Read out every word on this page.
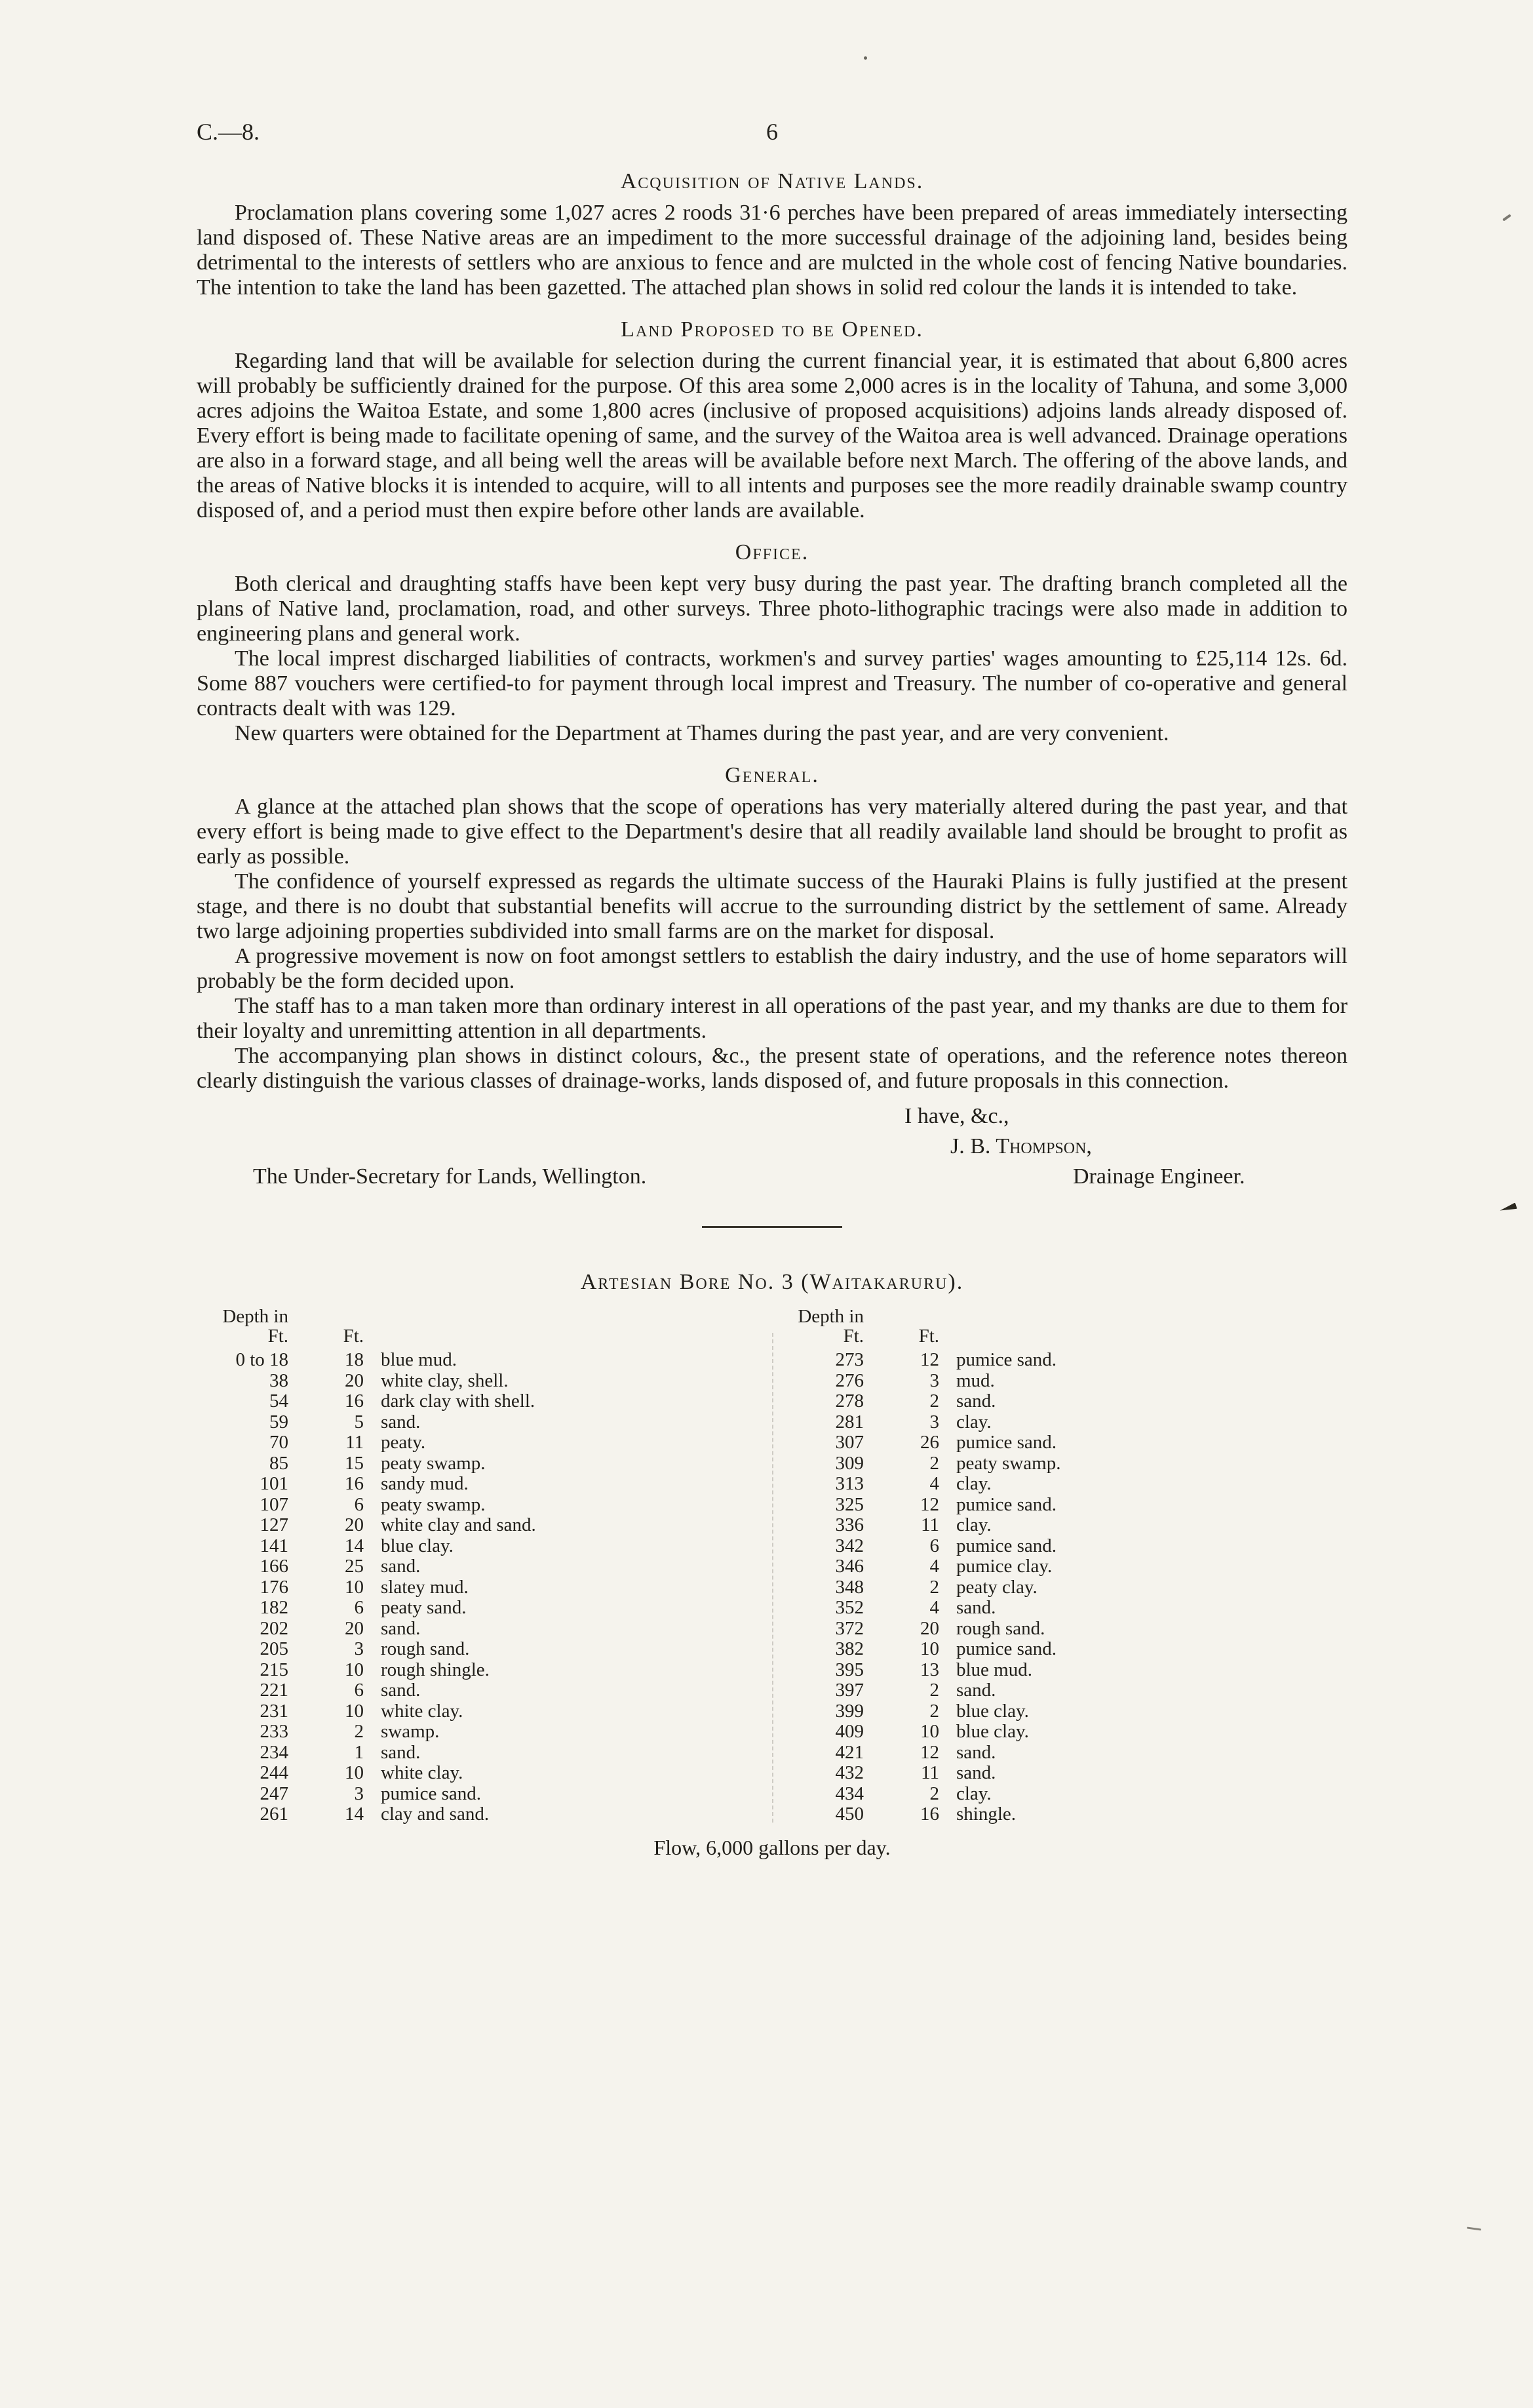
C.—8.	6
Acquisition of Native Lands.

Proclamation plans covering some 1,027 acres 2 roods 31·6 perches have been prepared of areas immediately intersecting land disposed of. These Native areas are an impediment to the more successful drainage of the adjoining land, besides being detrimental to the interests of settlers who are anxious to fence and are mulcted in the whole cost of fencing Native boundaries. The intention to take the land has been gazetted. The attached plan shows in solid red colour the lands it is intended to take.

Land Proposed to be Opened.

Regarding land that will be available for selection during the current financial year, it is estimated that about 6,800 acres will probably be sufficiently drained for the purpose. Of this area some 2,000 acres is in the locality of Tahuna, and some 3,000 acres adjoins the Waitoa Estate, and some 1,800 acres (inclusive of proposed acquisitions) adjoins lands already disposed of. Every effort is being made to facilitate opening of same, and the survey of the Waitoa area is well advanced. Drainage operations are also in a forward stage, and all being well the areas will be available before next March. The offering of the above lands, and the areas of Native blocks it is intended to acquire, will to all intents and purposes see the more readily drainable swamp country disposed of, and a period must then expire before other lands are available.

Office.

Both clerical and draughting staffs have been kept very busy during the past year. The drafting branch completed all the plans of Native land, proclamation, road, and other surveys. Three photo-lithographic tracings were also made in addition to engineering plans and general work.

The local imprest discharged liabilities of contracts, workmen's and survey parties' wages amounting to £25,114 12s. 6d. Some 887 vouchers were certified-to for payment through local imprest and Treasury. The number of co-operative and general contracts dealt with was 129.

New quarters were obtained for the Department at Thames during the past year, and are very convenient.

General.

A glance at the attached plan shows that the scope of operations has very materially altered during the past year, and that every effort is being made to give effect to the Department's desire that all readily available land should be brought to profit as early as possible.

The confidence of yourself expressed as regards the ultimate success of the Hauraki Plains is fully justified at the present stage, and there is no doubt that substantial benefits will accrue to the surrounding district by the settlement of same. Already two large adjoining properties subdivided into small farms are on the market for disposal.

A progressive movement is now on foot amongst settlers to establish the dairy industry, and the use of home separators will probably be the form decided upon.

The staff has to a man taken more than ordinary interest in all operations of the past year, and my thanks are due to them for their loyalty and unremitting attention in all departments.

The accompanying plan shows in distinct colours, &c., the present state of operations, and the reference notes thereon clearly distinguish the various classes of drainage-works, lands disposed of, and future proposals in this connection.

I have, &c.,
J. B. Thompson,
The Under-Secretary for Lands, Wellington.	Drainage Engineer.
Artesian Bore No. 3 (Waitakaruru).
Depth in
Ft.	Ft.
0 to 18	18 blue mud.
38	20 white clay, shell.
54	16 dark clay with shell.
59	5 sand.
70	11 peaty.
85	15 peaty swamp.
101	16 sandy mud.
107	6 peaty swamp.
127	20 white clay and sand.
141	14 blue clay.
166	25 sand.
176	10 slatey mud.
182	6 peaty sand.
202	20 sand.
205	3 rough sand.
215	10 rough shingle.
221	6 sand.
231	10 white clay.
233	2 swamp.
234	1 sand.
244	10 white clay.
247	3 pumice sand.
261	14 clay and sand.
Depth in
Ft.	Ft.
273	12 pumice sand.
276	3 mud.
278	2 sand.
281	3 clay.
307	26 pumice sand.
309	2 peaty swamp.
313	4 clay.
325	12 pumice sand.
336	11 clay.
342	6 pumice sand.
346	4 pumice clay.
348	2 peaty clay.
352	4 sand.
372	20 rough sand.
382	10 pumice sand.
395	13 blue mud.
397	2 sand.
399	2 blue clay.
409	10 blue clay.
421	12 sand.
432	11 sand.
434	2 clay.
450	16 shingle.
Flow, 6,000 gallons per day.
